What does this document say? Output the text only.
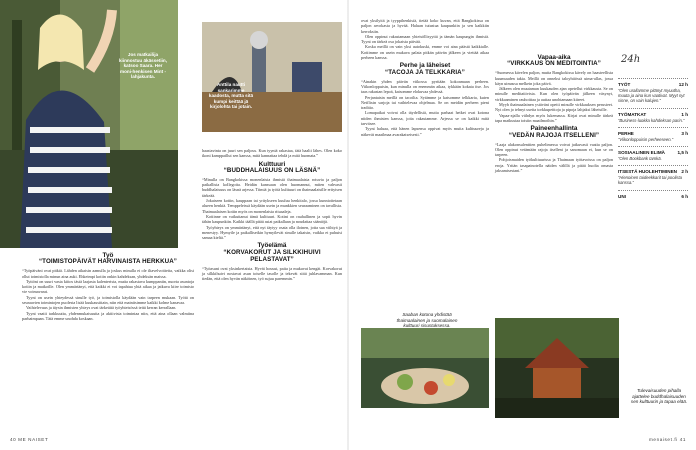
Jos matkailija kiinnostuu äkässetiin, katsoo Saara. Her moni-henkisen Mint -lahjakunta.
Anttila nautti sankarimme kaadosta, mutta sitä kumpi keittää jä kirjolohta tai jotain.

haastavinta on juuri sen paljous. Kun tyyniä rakastaa, tätä haalii lähes. Olen koko ikoni kamppaillut sen kanssa, mitä kannattaa tehdä ja mitä huomata.”

Kulttuuri
“BUDDHALAISUUS ON LÄSNÄ”

“Minulla on Bangkokissa monenlaisia ihmisiä thaimaalaisia rotuvia ja paljon paikallisia kollegoita. Heidän kanssaan olen huomannut, miten vahvasti buddhalaisuus on läsnä arjessa. Tiimiä ja työtä kulttuuri on thaimaalaisille erityisen tärkeää.

Jokaiseen kotiin, kauppaan tai yritykseen kuuluu henkitalo, jossa kunnioitetaan alueen henkiä. Temppeleissä käydään usein ja munkkien seuraaminen on tavallista. Thaimaalaisen kotiin myös on monenlaisia rituaaleja.

Kotiinne on vaikuttanut tämä kulttuuri. Kotini on rauhallinen ja sopii hyvin tähän kaupunkiin. Kaikki täällä pitää asiat paikallaan ja noudattaa sääntöjä.

Työyhteys on ymmärtänyt, että nyt täytyy osata olla iloinen, jotta saa viihtyä ja menestyy. Hymyile ja paikallisetkin hymyilevät sinulle takaisin, vaikka et puhuisi samaa kieltä.”

Työelämä
“KORVAKORUT JA SILKKIHUIVI PELASTAVAT”

“Työasuni ovat yksinkertaisia. Hyvät housut, paita ja mukavat kengät. Korvakorut ja silkkihuivi nostavat asun toiselle tasolle ja tekevät siitä juhlavamman. Kun tiedän, että olen hyvän näköinen, työ sujuu paremmin.”

Työ
“TOIMISTOPÄIVÄT HARVINAISTA HERKKUA”

“Työpäiväni ovat pitkiä. Lähden aikaisin aamulla ja joskus minulla ei ole iltavelvoitteita, vaikka olisi ollut toimistolla minun aina auki. Ehkeimpi kotiin onkin kahdeksan, yhdeksän maissa.

Tyttöni on suuri vasta kiitos tästä laajasta kalenterista, mutta rakastava kumppaniin, nuorta asuntoja kotiin ja matkoille. Olen ymmärtänyt, että kaikki ei voi tapahtua yhtä aikaa ja jatkuva kiire toimisto vie voimavarat.

Tyyni on usein yhteydessä sinulle työ, ja toimistolla käydään vain tarpeen mukaan. Työtä on seuraavien toimintojen puolesta lisää kuukausittain, niin että mainitsimme kaikki kolme kanavaa.

Vaihtelevuus ja täysin ihmisten yhteys ovat tärkeäitä työyhteisössä teitä kerran kerrallaan.

Tyyni vaatii tarkkuutta, yhdenmukaisuutta ja aktiivista toimintaa niin, että aina ollaan valmiina parhaimpaan. Tätä emme unohda koskaan.

40 ME NAISET

ovat yksilyitä ja tyyppihenkisiä, tietää koko kuvan, että Bangkokissa on paljon arvokasta ja hyvää. Haluan tutustua kaupunkiin ja sen kaikkiin kerroksiin.

Olen oppinut rakastamaan yhteisöllisyyttä ja tämän kaupungin ihmisiä. Tyyni on tärkeä osa jokaista päivää.

Koska meillä on vain yksi autokuski, emme voi aina päästä kaikkialle. Kotiimme on usein mukava palata pitkän päivän jälkeen ja viettää aikaa perheen kanssa.

Perhe ja läheiset
“TACOJA JA TELKKARIA”

“Ainakin yhden päivän viikossa pyritään kokoamaan perheen. Viikonloppuisin, kun minulla on enemmän aikaa, tykkään kokata itse. Jos taas rakastan lepoä, katsomme elokuvaa yhdessä.

Perjantaisin meillä on tacoilta. Sytämme ja katsomme telkkaria, kuten Netflixin sarjoja tai vaihtelevaa ohjelmaa. Se on meidän perheen pieni traditio.

Lomapaikat voivat olla täydellisiä, mutta parhaat hetket ovat kotona niiden ihmisten kanssa, joita rakastamme. Arjessa se on kaikki mitä tarvitsee.

Tyyni haluaa, että hänen lapsensa oppivat myös muita kulttuureja ja näkevät maailmaa avarakatseisesti.”

Saaban kotona yhdistää thaimaalainen ja suomalainen kulttuuri sisustuksessa.
Vapaa-aika
“VIRKKAUS ON MEDITOINTIA”

“Suomessa kävelen paljon, mutta Bangkokissa kävely on haasteellista kuumuuden takia. Meillä on onneksi taloyhtiössä uima-allas, jossa käyn uimassa melkein joka päivä.

Jälkeen olen muutaman kuukauden ajan opetellut virkkausta. Se on minulle meditatiivista. Kun olen työpäivän jälkeen väsynyt, virkkaaminen rauhoittaa ja auttaa unohtamaan kiireet.

Myyb thaimaalainen ystäväni opetti minulle virkkauksen perusteet. Nyt olen jo tehnyt useita torkkupeittoja ja pipoja lahjaksi läheisille.

Vapaa-ajalla viihdyn myös lukemassa. Kirjat ovat minulle tärkeä tapa matkustaa toisiin maailmoihin.”

Paineenhallinta
“VEDÄN RAJOJA ITSELLENI”

“Laaja alakonsulenttien puhelimessa voivat jatkuvasti vaatia paljon. Olen oppinut vetämään rajoja itselleni ja sanomaan ei, kun se on tarpeen.

Pohjoismaiden työkulttuurissa ja Thaimaan työtavoissa on paljon eroja. Yritän tasapainotella näiden välillä ja pitää huolta omasta jaksamisestani.”

Tulevaisuuden pihalla ajattelee buddhalaisuuden sen kulttuurin ja tapaa elää.
24h
TYÖT	12 h
“Olen urallamme pitänyt myuutha, muuta ja aina kun vaativat. Myyt nyt sinne, on vain kalujen.”
TYÖMATKAT	1 h
“Business-luokka kahdeksan parin.”
PERHE	3 h
“Viikonloppuisin perheeseen.”
SOSIAALINEN ELIMÄ	1,5 h
“Olen Bookbank tamkä.
ITSESTÄ HUOLEHTIMINEN 2 h
“Hienoinen taideekkarit tai poolista kanssa.”
UNI	6 h
menaiset.fi 41
